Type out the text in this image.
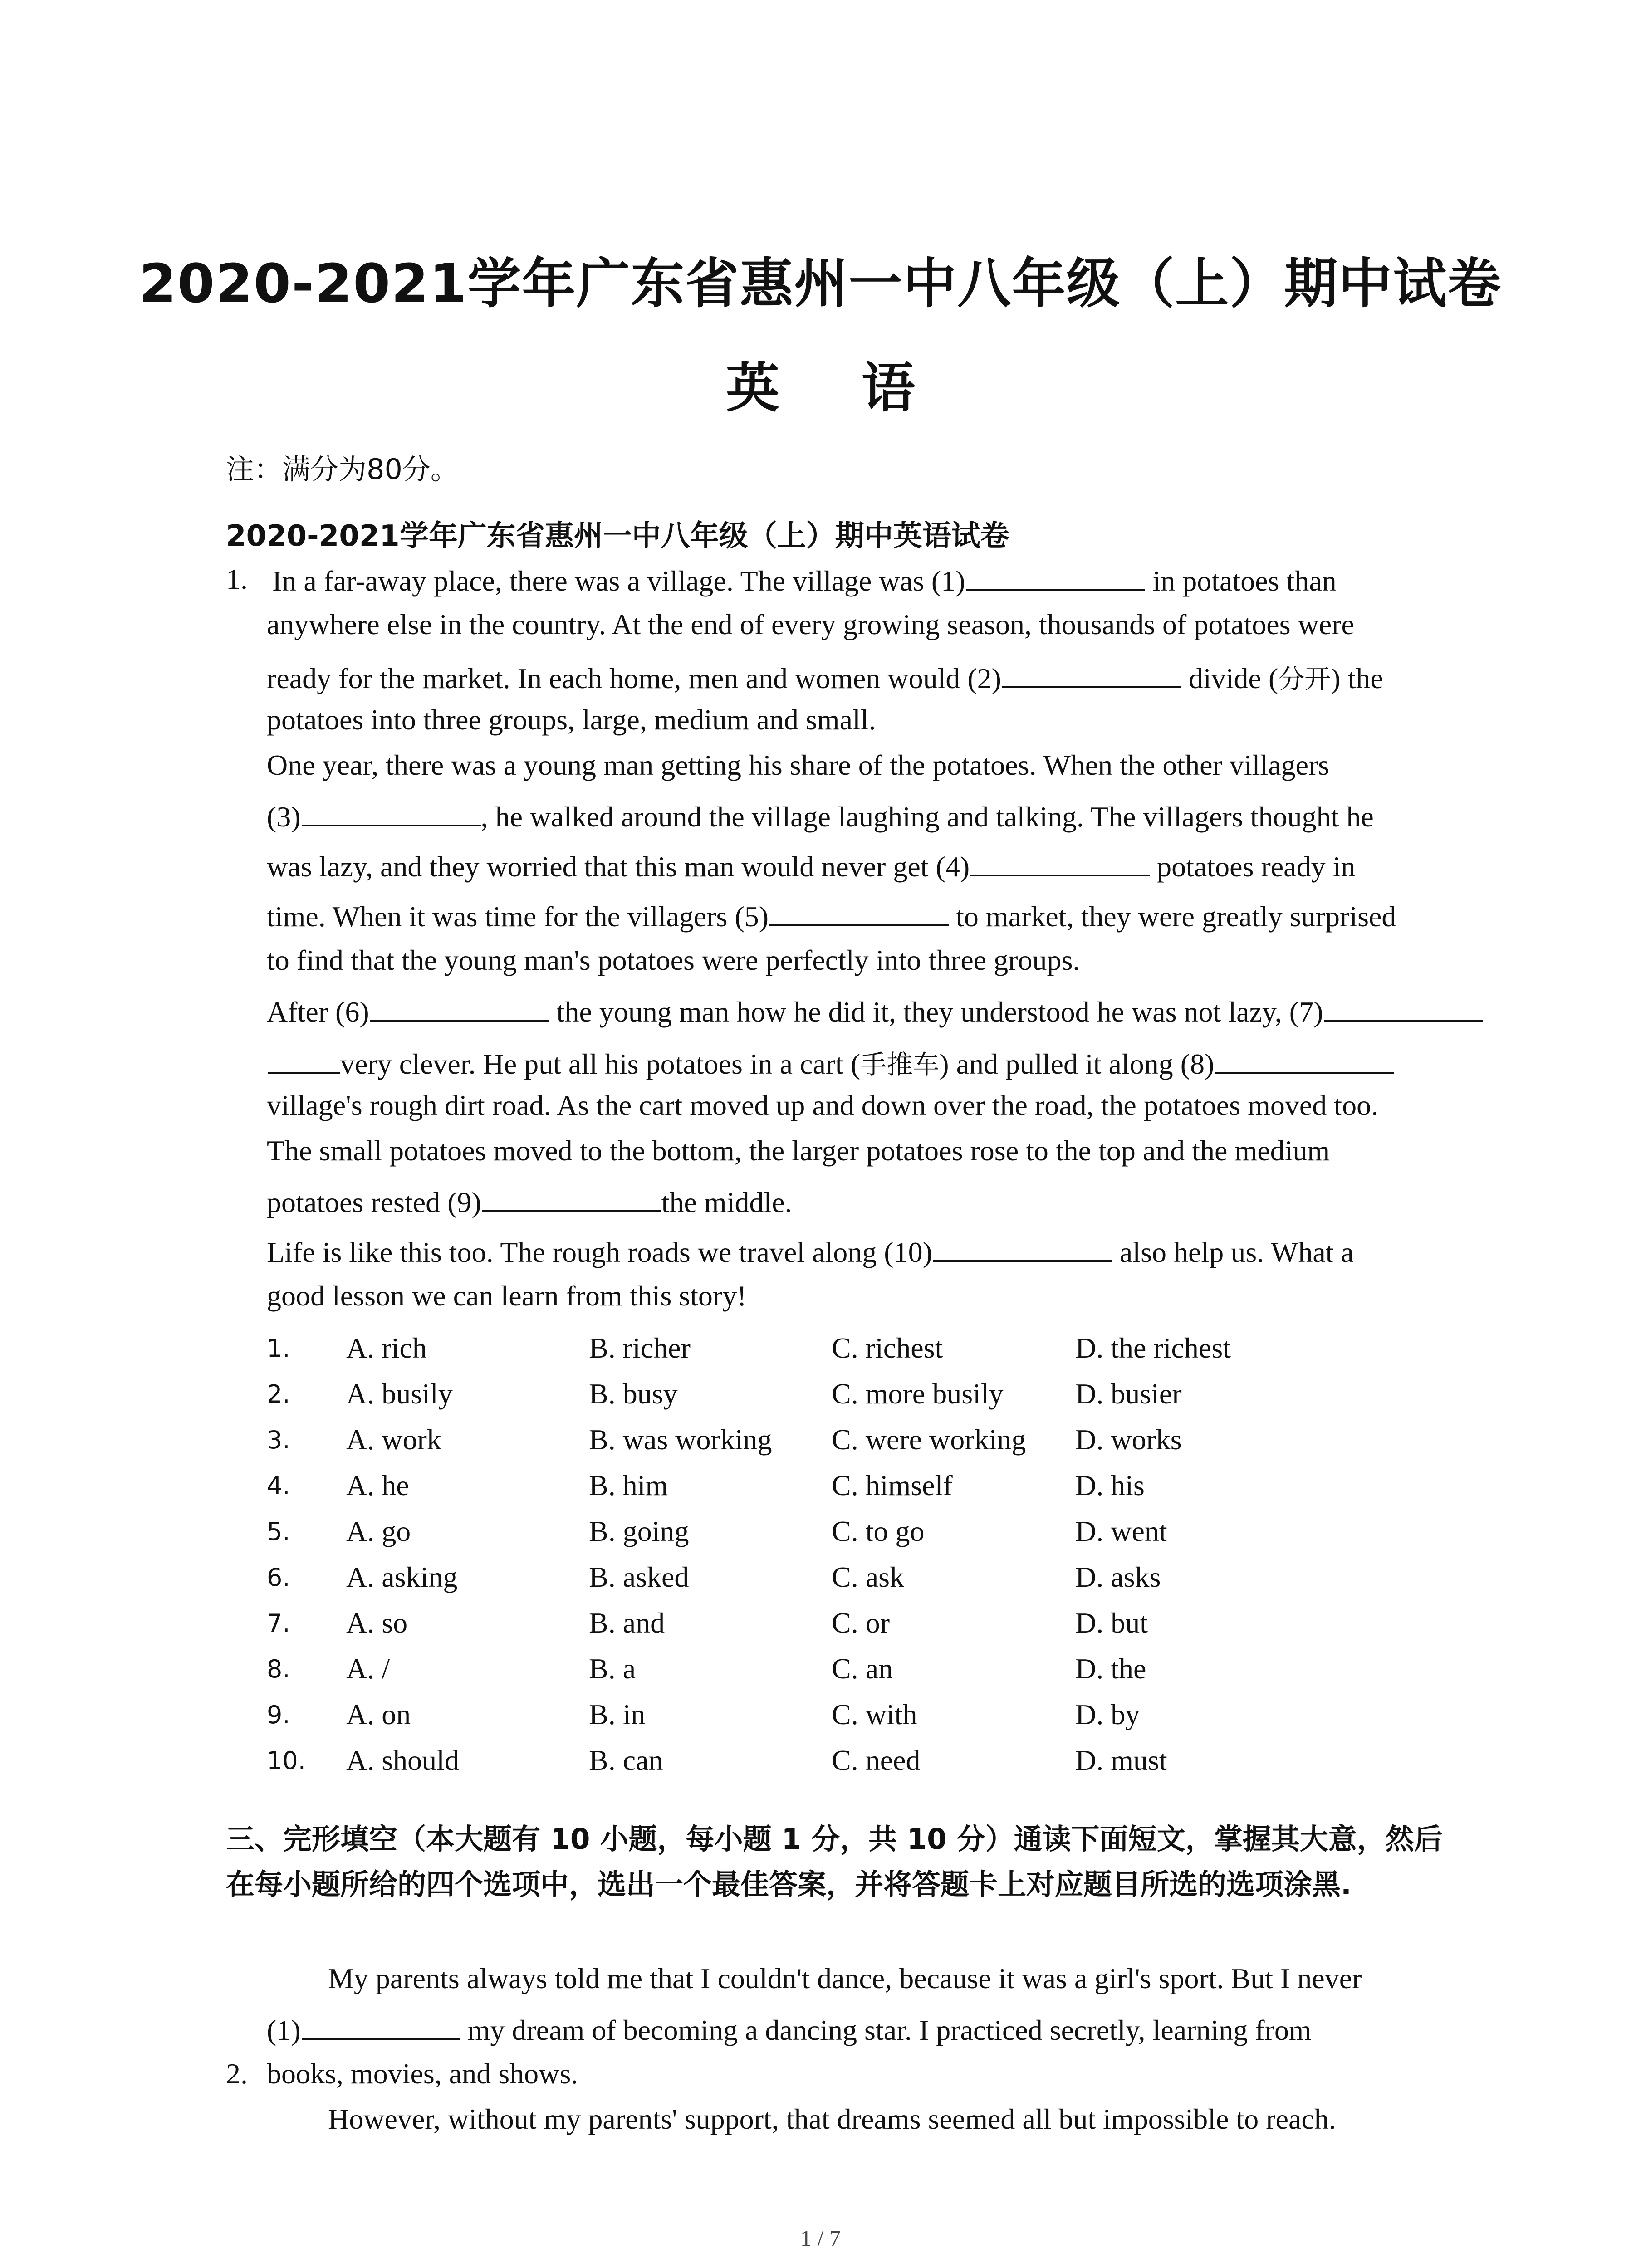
2020-2021学年广东省惠州一中八年级（上）期中试卷
英 语
注：满分为80分。
2020-2021学年广东省惠州一中八年级（上）期中英语试卷
1. In a far-away place, there was a village. The village was (1)	in potatoes than
anywhere else in the country. At the end of every growing season, thousands of potatoes were
ready for the market. In each home, men and women would (2)	divide (分开) the
potatoes into three groups, large, medium and small.
One year, there was a young man getting his share of the potatoes. When the other villagers
(3)	, he walked around the village laughing and talking. The villagers thought he
was lazy, and they worried that this man would never get (4)	potatoes ready in
time. When it was time for the villagers (5)	to market, they were greatly surprised
to find that the young man's potatoes were perfectly into three groups.
After (6)	the young man how he did it, they understood he was not lazy, (7)
very clever. He put all his potatoes in a cart (手推车) and pulled it along (8)
village's rough dirt road. As the cart moved up and down over the road, the potatoes moved too.
The small potatoes moved to the bottom, the larger potatoes rose to the top and the medium
potatoes rested (9)	the middle.
Life is like this too. The rough roads we travel along (10)	also help us. What a
good lesson we can learn from this story!
1. A. rich	B. richer	C. richest	D. the richest
2. A. busily	B. busy	C. more busily D. busier
3. A. work	B. was working C. were working D. works
4. A. he	B. him	C. himself	D. his
5. A. go	B. going	C. to go	D. went
6. A. asking	B. asked	C. ask	D. asks
7. A. so	B. and	C. or	D. but
8. A. /	B. a	C. an	D. the
9. A. on	B. in	C. with	D. by
10. A. should	B. can	C. need	D. must
三、完形填空（本大题有 10 小题，每小题 1 分，共 10 分）通读下面短文，掌握其大意，然后在每小题所给的四个选项中，选出一个最佳答案，并将答题卡上对应题目所选的选项涂黑.
My parents always told me that I couldn't dance, because it was a girl's sport. But I never
(1)	my dream of becoming a dancing star. I practiced secretly, learning from
books, movies, and shows.
However, without my parents' support, that dreams seemed all but impossible to reach.
2.
1 / 7
